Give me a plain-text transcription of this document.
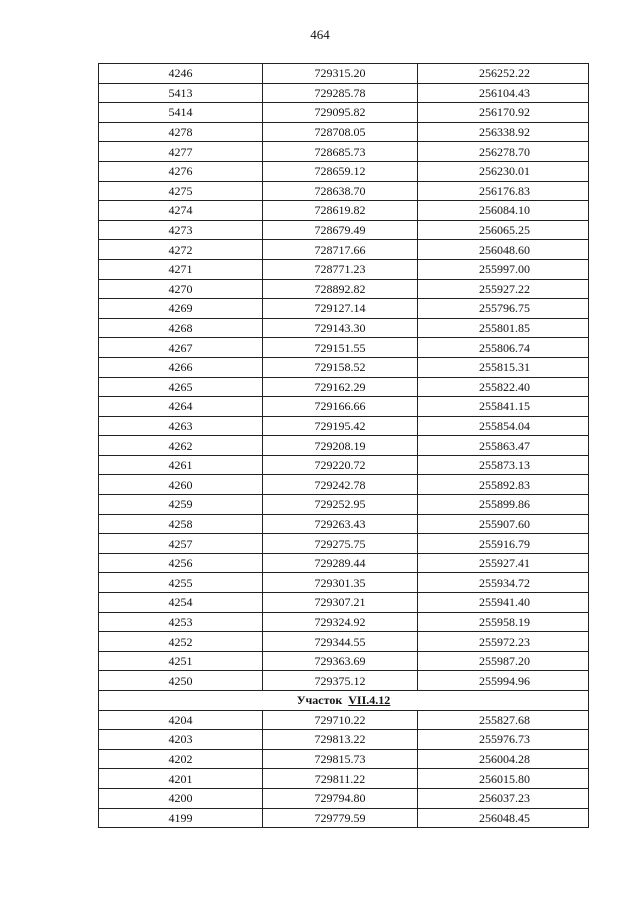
464
4246	729315.20	256252.22
5413	729285.78	256104.43
5414	729095.82	256170.92
4278	728708.05	256338.92
4277	728685.73	256278.70
4276	728659.12	256230.01
4275	728638.70	256176.83
4274	728619.82	256084.10
4273	728679.49	256065.25
4272	728717.66	256048.60
4271	728771.23	255997.00
4270	728892.82	255927.22
4269	729127.14	255796.75
4268	729143.30	255801.85
4267	729151.55	255806.74
4266	729158.52	255815.31
4265	729162.29	255822.40
4264	729166.66	255841.15
4263	729195.42	255854.04
4262	729208.19	255863.47
4261	729220.72	255873.13
4260	729242.78	255892.83
4259	729252.95	255899.86
4258	729263.43	255907.60
4257	729275.75	255916.79
4256	729289.44	255927.41
4255	729301.35	255934.72
4254	729307.21	255941.40
4253	729324.92	255958.19
4252	729344.55	255972.23
4251	729363.69	255987.20
4250	729375.12	255994.96
Участок VII.4.12		
4204	729710.22	255827.68
4203	729813.22	255976.73
4202	729815.73	256004.28
4201	729811.22	256015.80
4200	729794.80	256037.23
4199	729779.59	256048.45
